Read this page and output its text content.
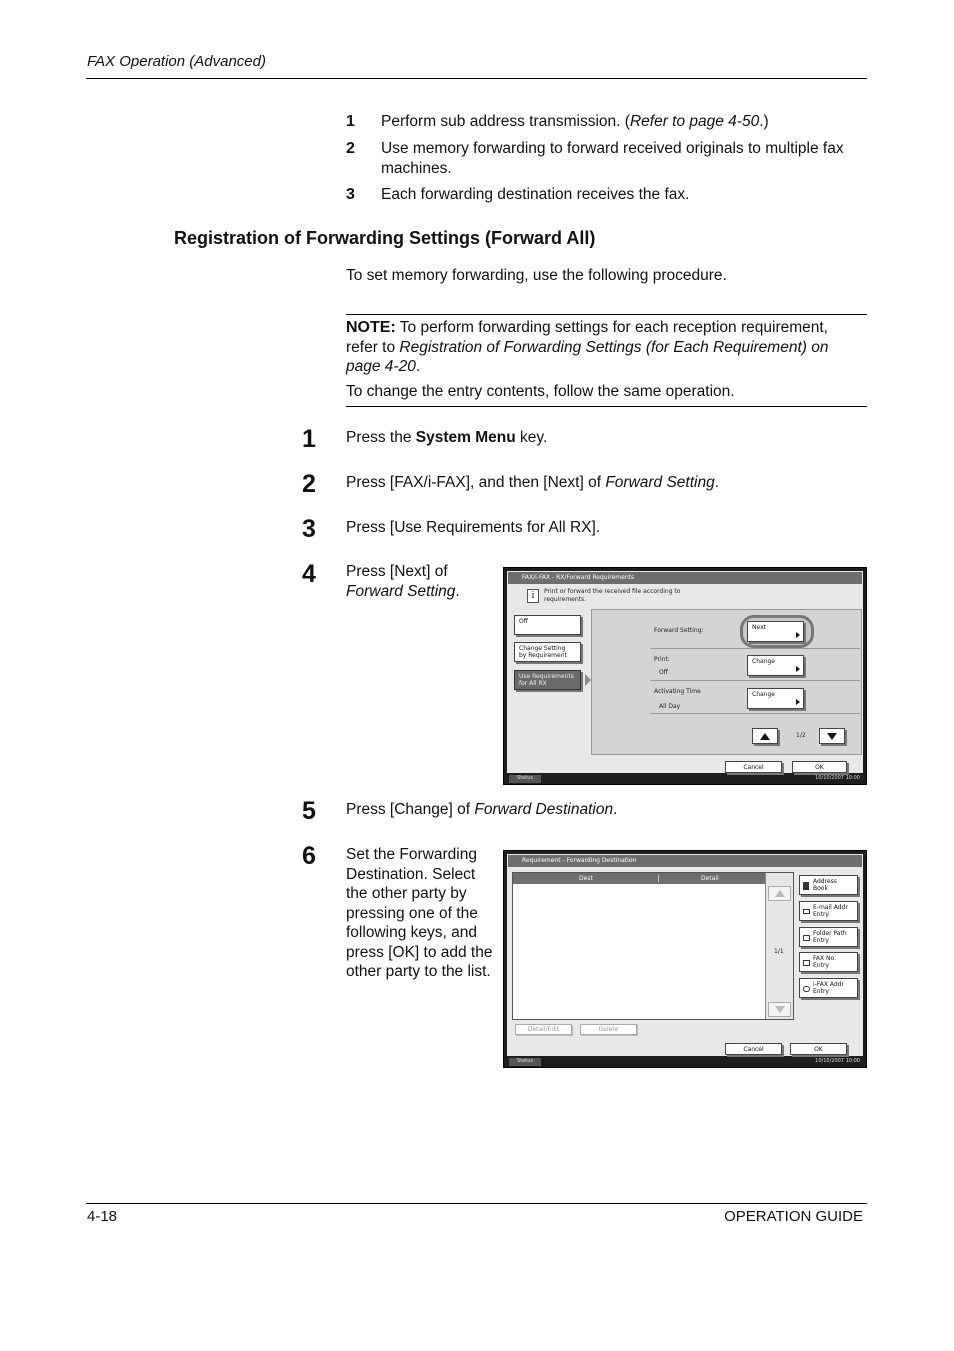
FAX Operation (Advanced)
1 Perform sub address transmission. (Refer to page 4-50.)
2 Use memory forwarding to forward received originals to multiple fax
machines.
3 Each forwarding destination receives the fax.
Registration of Forwarding Settings (Forward All)
To set memory forwarding, use the following procedure.
NOTE: To perform forwarding settings for each reception requirement,
refer to Registration of Forwarding Settings (for Each Requirement) on
page 4-20.
To change the entry contents, follow the same operation.
1 Press the System Menu key.
2 Press [FAX/i-FAX], and then [Next] of Forward Setting.
3 Press [Use Requirements for All RX].
4 Press [Next] of
Forward Setting.
FAX/i-FAX - RX/Forward Requirements
i	Print or forward the received file according to
requirements.
Off
Change Setting
by Requirement
Use Requirements
for All RX
Forward Setting:	Next
Print:
Off
Change
Activating Time
All Day
Change
1/2
Cancel	OK
Status	10/10/2007 10:00
5 Press [Change] of Forward Destination.
6 Set the Forwarding
Destination. Select
the other party by
pressing one of the
following keys, and
press [OK] to add the
other party to the list.
Requirement - Forwarding Destination
Dest	Detail
1/1
Address Book
E-mail Addr
Entry
Folder Path
Entry
FAX No.
Entry
i-FAX Addr
Entry
Detail/Edit	Delete
Cancel	OK
Status	10/10/2007 10:00
4-18	OPERATION GUIDE
